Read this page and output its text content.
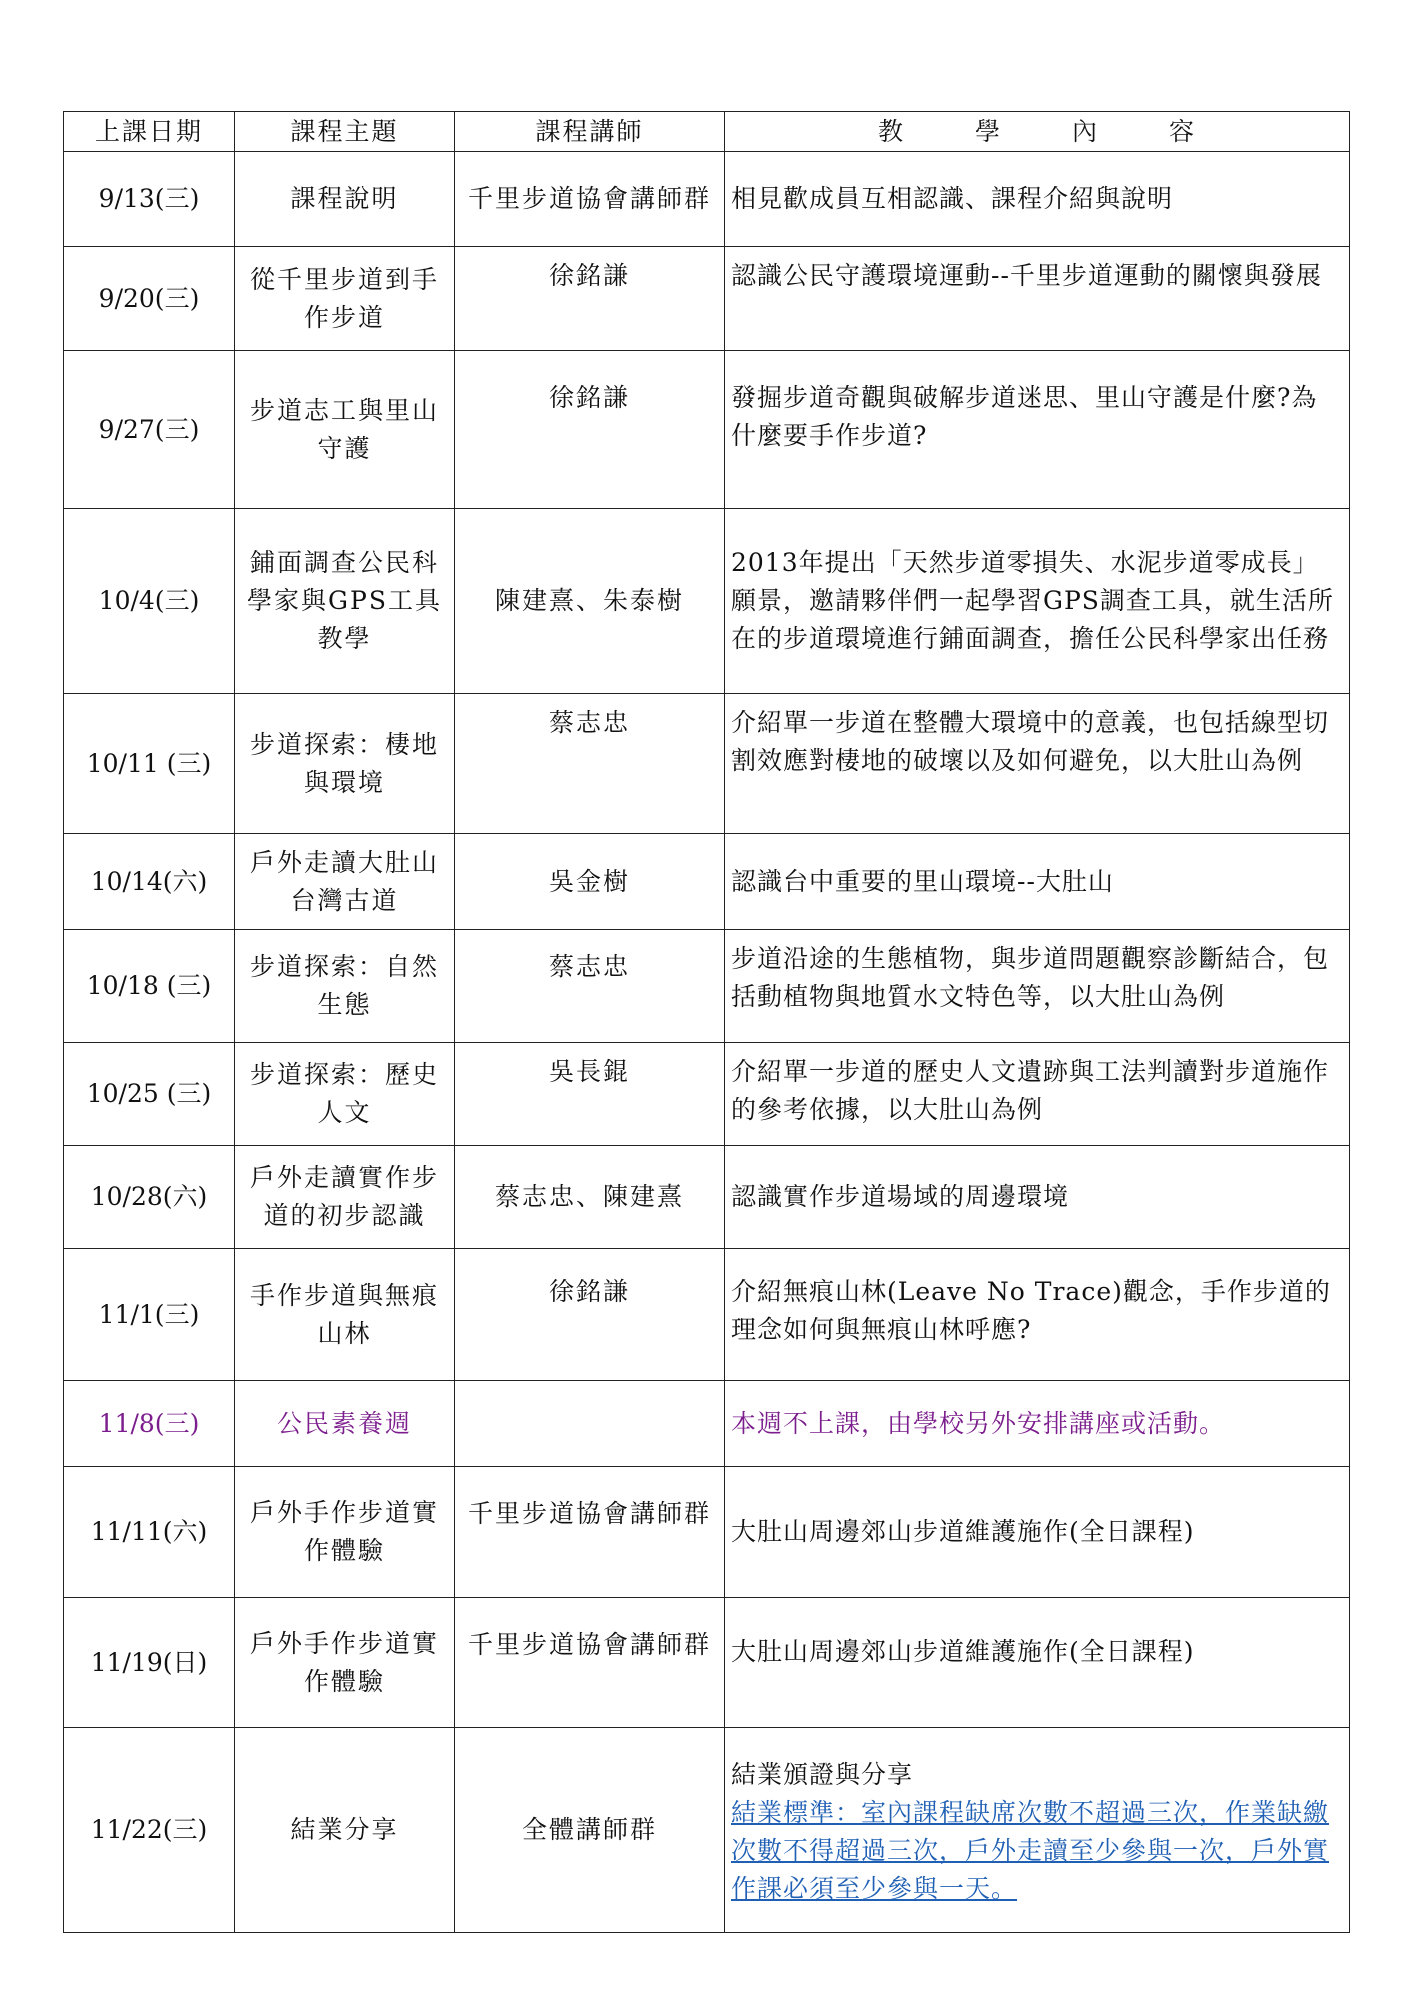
上課日期	課程主題	課程講師	教 學 內 容
9/13(三)	課程說明	千里步道協會講師群	相見歡成員互相認識、課程介紹與說明
9/20(三)	從千里步道到手作步道	徐銘謙	認識公民守護環境運動--千里步道運動的關懷與發展
9/27(三)	步道志工與里山守護	徐銘謙	發掘步道奇觀與破解步道迷思、里山守護是什麼?為什麼要手作步道?
10/4(三)	鋪面調查公民科學家與GPS工具教學	陳建熹、朱泰樹	2013年提出「天然步道零損失、水泥步道零成長」願景，邀請夥伴們一起學習GPS調查工具，就生活所在的步道環境進行鋪面調查，擔任公民科學家出任務
10/11 (三)	步道探索：棲地與環境	蔡志忠	介紹單一步道在整體大環境中的意義，也包括線型切割效應對棲地的破壞以及如何避免，以大肚山為例
10/14(六)	戶外走讀大肚山台灣古道	吳金樹	認識台中重要的里山環境--大肚山
10/18 (三)	步道探索：自然生態	蔡志忠	步道沿途的生態植物，與步道問題觀察診斷結合，包括動植物與地質水文特色等，以大肚山為例
10/25 (三)	步道探索：歷史人文	吳長錕	介紹單一步道的歷史人文遺跡與工法判讀對步道施作的參考依據，以大肚山為例
10/28(六)	戶外走讀實作步道的初步認識	蔡志忠、陳建熹	認識實作步道場域的周邊環境
11/1(三)	手作步道與無痕山林	徐銘謙	介紹無痕山林(Leave No Trace)觀念，手作步道的理念如何與無痕山林呼應?
11/8(三)	公民素養週		本週不上課，由學校另外安排講座或活動。
11/11(六)	戶外手作步道實作體驗	千里步道協會講師群	大肚山周邊郊山步道維護施作(全日課程)
11/19(日)	戶外手作步道實作體驗	千里步道協會講師群	大肚山周邊郊山步道維護施作(全日課程)
11/22(三)	結業分享	全體講師群	結業頒證與分享

結業標準：室內課程缺席次數不超過三次，作業缺繳次數不得超過三次，戶外走讀至少參與一次，戶外實作課必須至少參與一天。
